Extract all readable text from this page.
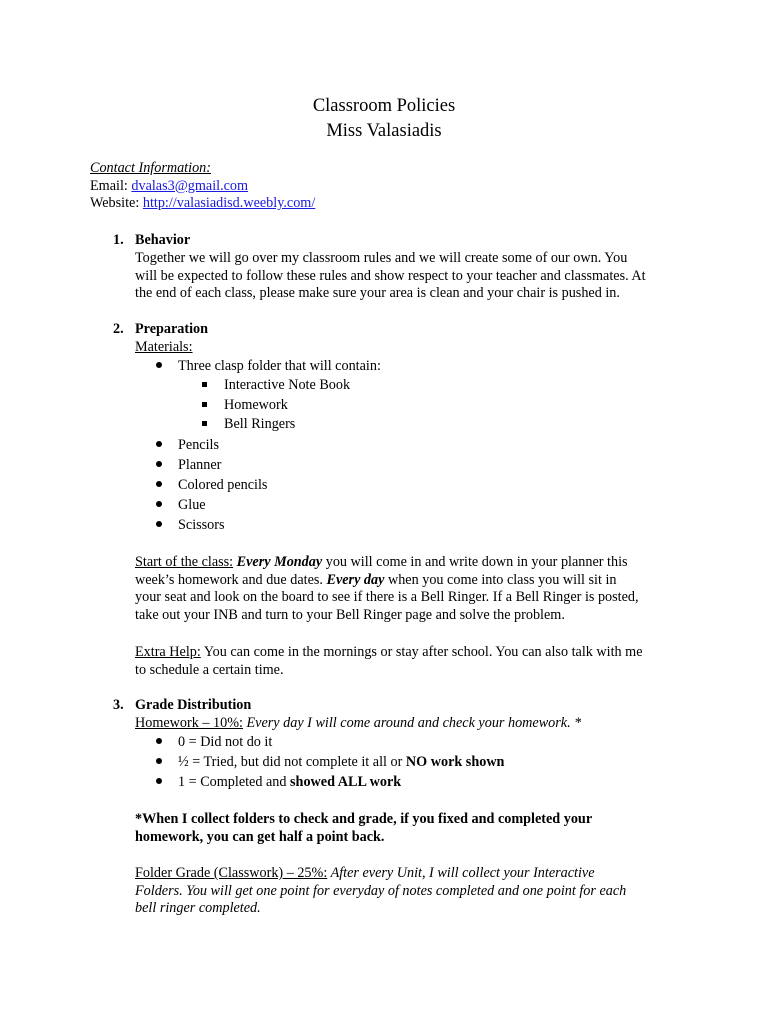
Classroom Policies
Miss Valasiadis
Contact Information:
Email: dvalas3@gmail.com
Website: http://valasiadisd.weebly.com/
1. Behavior
Together we will go over my classroom rules and we will create some of our own. You
will be expected to follow these rules and show respect to your teacher and classmates. At
the end of each class, please make sure your area is clean and your chair is pushed in.
2. Preparation
Materials:
Three clasp folder that will contain:
Interactive Note Book
Homework
Bell Ringers
Pencils
Planner
Colored pencils
Glue
Scissors
Start of the class: Every Monday you will come in and write down in your planner this
week’s homework and due dates. Every day when you come into class you will sit in
your seat and look on the board to see if there is a Bell Ringer. If a Bell Ringer is posted,
take out your INB and turn to your Bell Ringer page and solve the problem.
Extra Help: You can come in the mornings or stay after school. You can also talk with me
to schedule a certain time.
3. Grade Distribution
Homework – 10%: Every day I will come around and check your homework. *
0 = Did not do it
½ = Tried, but did not complete it all or NO work shown
1 = Completed and showed ALL work
*When I collect folders to check and grade, if you fixed and completed your
homework, you can get half a point back.
Folder Grade (Classwork) – 25%: After every Unit, I will collect your Interactive
Folders. You will get one point for everyday of notes completed and one point for each
bell ringer completed.
